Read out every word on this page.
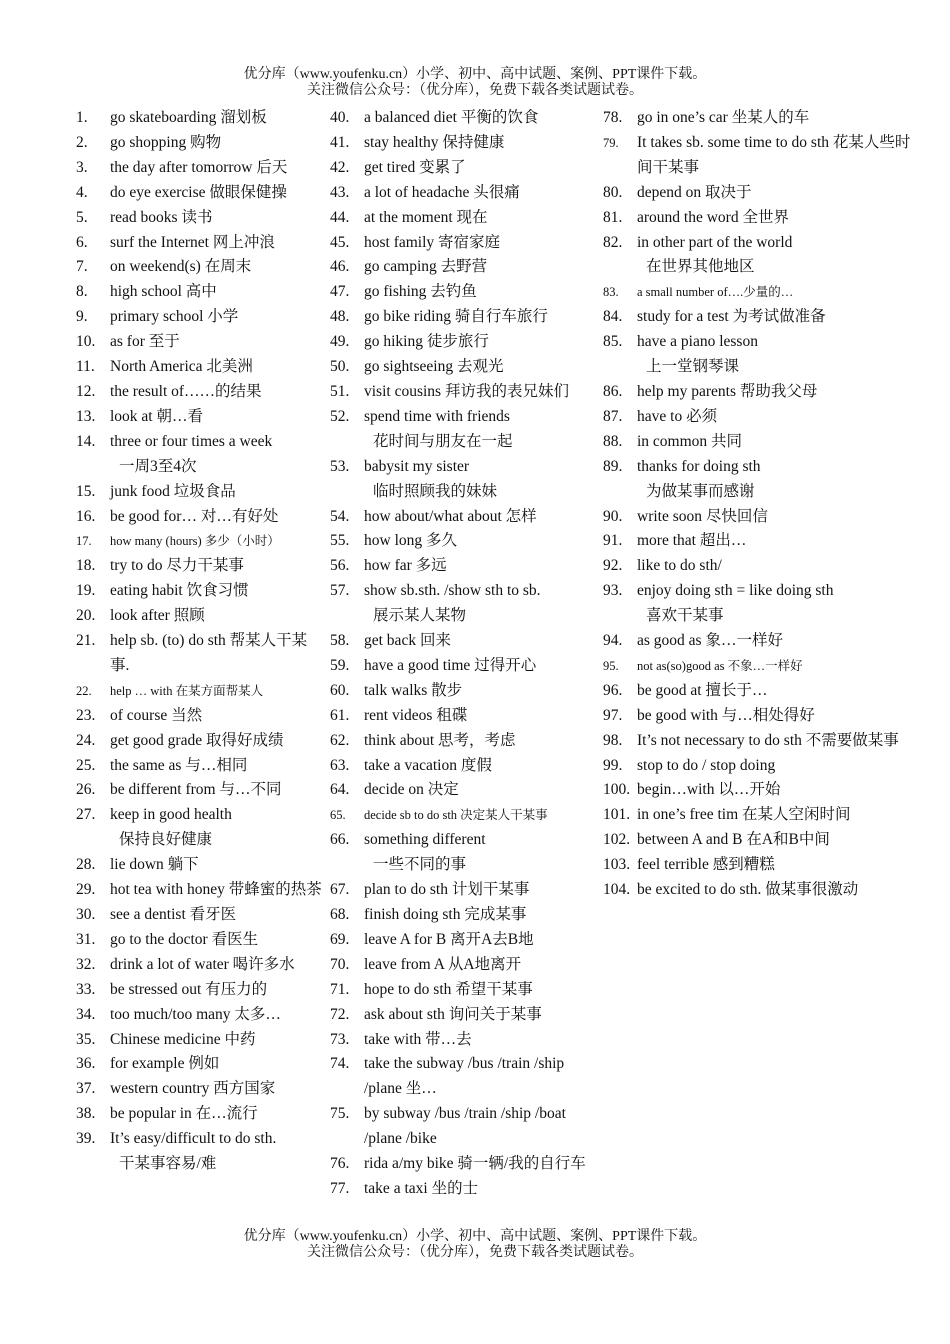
优分库（www.youfenku.cn）小学、初中、高中试题、案例、PPT课件下载。
关注微信公众号：（优分库），免费下载各类试题试卷。
1.	go skateboarding 溜划板
2.	go shopping 购物
3.	the day after tomorrow 后天
4.	do eye exercise 做眼保健操
5.	read books 读书
6.	surf the Internet 网上冲浪
7.	on weekend(s) 在周末
8.	high school 高中
9.	primary school 小学
10. as for 至于
11. North America 北美洲
12. the result of……的结果
13. look at 朝…看
14. three or four times a week
一周3至4次
15. junk food 垃圾食品
16. be good for… 对…有好处
17.	how many (hours) 多少（小时）
18. try to do 尽力干某事
19. eating habit 饮食习惯
20. look after 照顾
21. help sb. (to) do sth 帮某人干某事.
22.	help … with 在某方面帮某人
23. of course 当然
24. get good grade 取得好成绩
25. the same as 与…相同
26. be different from 与…不同
27. keep in good health
保持良好健康
28. lie down 躺下
29. hot tea with honey 带蜂蜜的热茶
30. see a dentist 看牙医
31. go to the doctor 看医生
32. drink a lot of water 喝许多水
33. be stressed out 有压力的
34. too much/too many 太多…
35. Chinese medicine 中药
36. for example 例如
37. western country 西方国家
38. be popular in 在…流行
39. It’s easy/difficult to do sth.
干某事容易/难
40. a balanced diet 平衡的饮食
41. stay healthy 保持健康
42. get tired 变累了
43. a lot of headache 头很痛
44. at the moment 现在
45. host family 寄宿家庭
46. go camping 去野营
47. go fishing 去钓鱼
48. go bike riding 骑自行车旅行
49. go hiking 徒步旅行
50. go sightseeing 去观光
51. visit cousins 拜访我的表兄妹们
52. spend time with friends
花时间与朋友在一起
53. babysit my sister
临时照顾我的妹妹
54. how about/what about 怎样
55. how long 多久
56. how far 多远
57. show sb.sth. /show sth to sb.
展示某人某物
58. get back 回来
59. have a good time 过得开心
60. talk walks 散步
61. rent videos 租碟
62. think about 思考，考虑
63. take a vacation 度假
64. decide on 决定
65.	decide sb to do sth 决定某人干某事
66. something different
一些不同的事
67. plan to do sth 计划干某事
68. finish doing sth 完成某事
69. leave A for B 离开A去B地
70. leave from A 从A地离开
71. hope to do sth 希望干某事
72. ask about sth 询问关于某事
73. take with 带…去
74. take the subway /bus /train /ship /plane 坐…
75. by subway /bus /train /ship /boat /plane /bike
76. rida a/my bike 骑一辆/我的自行车
77. take a taxi 坐的士
78. go in one’s car 坐某人的车
79.	It takes sb. some time to do sth 花某人些时间干某事
80. depend on 取决于
81. around the word 全世界
82. in other part of the world
在世界其他地区
83.	a small number of….少量的…
84. study for a test 为考试做准备
85. have a piano lesson
上一堂钢琴课
86. help my parents 帮助我父母
87. have to 必须
88. in common 共同
89. thanks for doing sth
为做某事而感谢
90. write soon 尽快回信
91. more that 超出…
92. like to do sth/
93. enjoy doing sth = like doing sth
喜欢干某事
94. as good as 象…一样好
95.	not as(so)good as 不象…一样好
96. be good at 擅长于…
97. be good with 与…相处得好
98. It’s not necessary to do sth 不需要做某事
99. stop to do / stop doing
100. begin…with 以…开始
101. in one’s free tim 在某人空闲时间
102. between A and B 在A和B中间
103. feel terrible 感到糟糕
104. be excited to do sth. 做某事很激动
优分库（www.youfenku.cn）小学、初中、高中试题、案例、PPT课件下载。
关注微信公众号：（优分库），免费下载各类试题试卷。
